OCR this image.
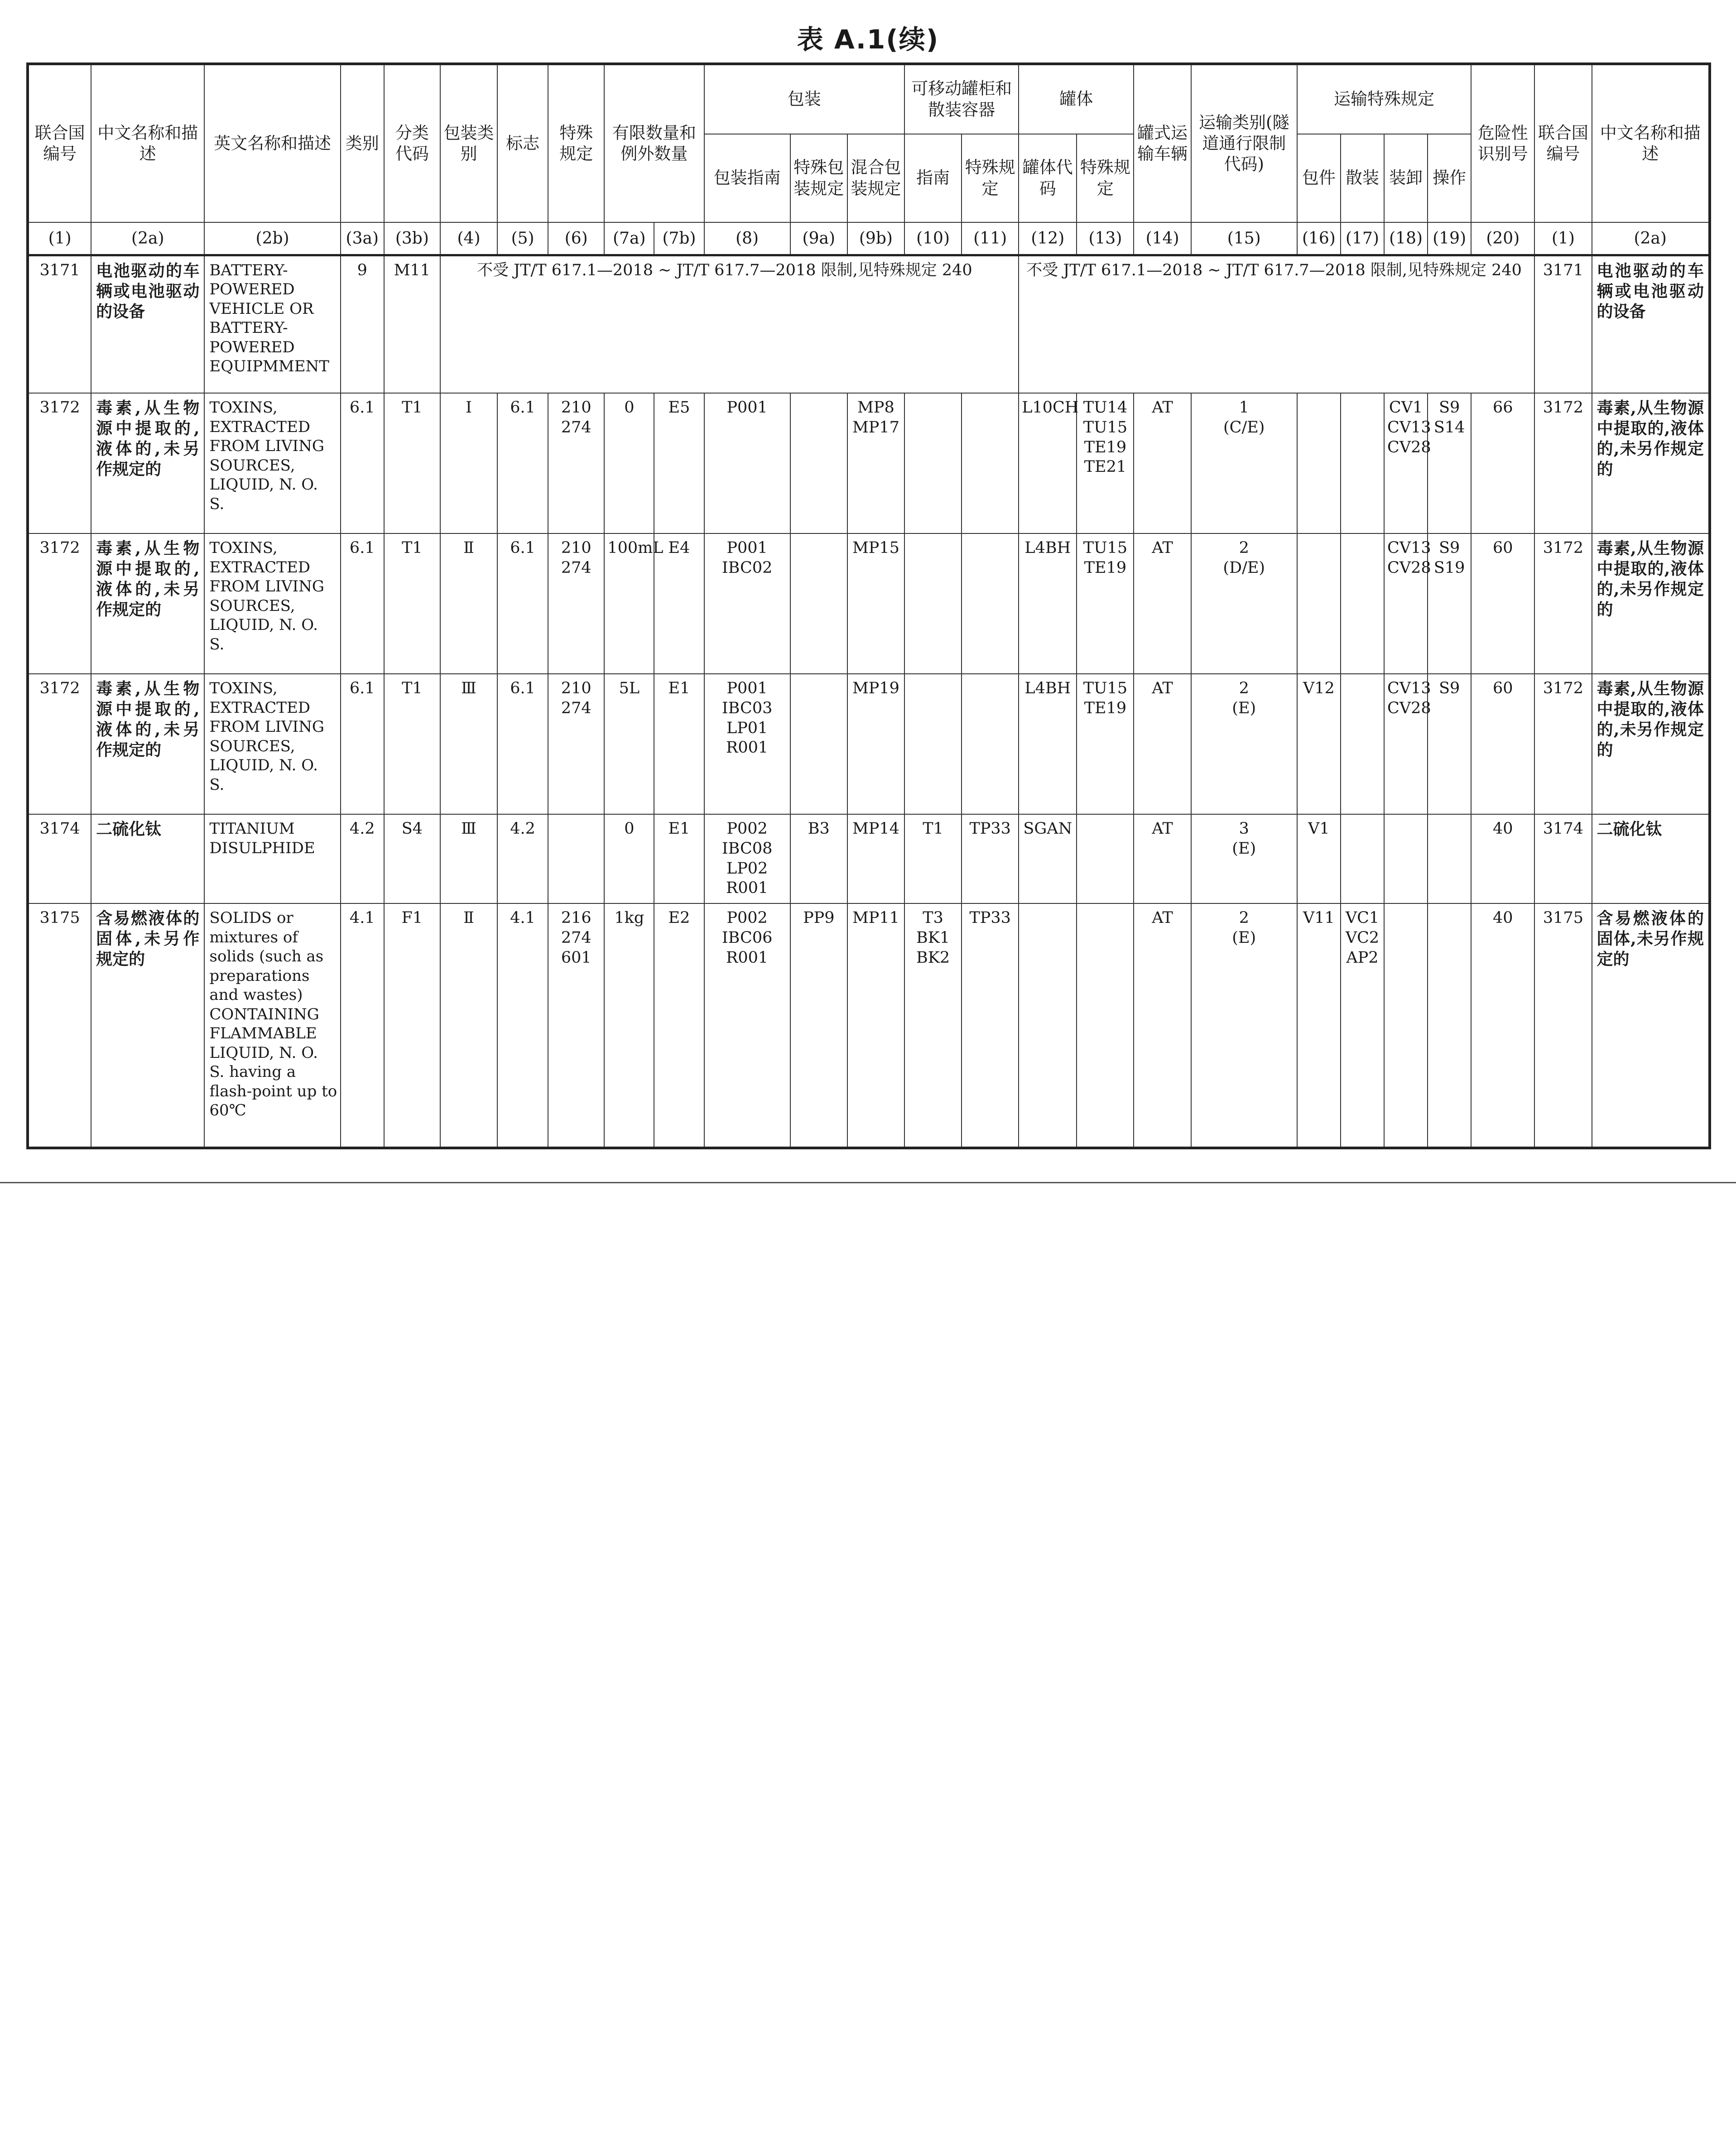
表 A.1(续)
联合国编号	中文名称和描述	英文名称和描述	类别	分类代码	包装类别	标志	特殊规定	有限数量和例外数量		包装			可移动罐柜和散装容器		罐体		罐式运输车辆	运输类别(隧道通行限制代码)	运输特殊规定				危险性识别号	联合国编号	中文名称和描述
										包装指南	特殊包装规定	混合包装规定	指南	特殊规定	罐体代码	特殊规定			包件	散装	装卸	操作			
(1)	(2a)	(2b)	(3a)	(3b)	(4)	(5)	(6)	(7a)	(7b)	(8)	(9a)	(9b)	(10)	(11)	(12)	(13)	(14)	(15)	(16)	(17)	(18)	(19)	(20)	(1)	(2a)
3171	电池驱动的车辆或电池驱动的设备	BATTERY-POWERED VEHICLE OR BATTERY-POWERED EQUIPMMENT	9	M11	不受 JT/T 617.1—2018 ~ JT/T 617.7—2018 限制,见特殊规定 240										不受 JT/T 617.1—2018 ~ JT/T 617.7—2018 限制,见特殊规定 240									3171	电池驱动的车辆或电池驱动的设备
3172	毒素,从生物源中提取的,液体的,未另作规定的	TOXINS, EXTRACTED FROM LIVING SOURCES, LIQUID, N. O. S.	6.1	T1	Ⅰ	6.1	210
274	0	E5	P001		MP8
MP17			L10CH	TU14
TU15
TE19
TE21	AT	1
(C/E)			CV1
CV13
CV28	S9
S14	66	3172	毒素,从生物源中提取的,液体的,未另作规定的
3172	毒素,从生物源中提取的,液体的,未另作规定的	TOXINS, EXTRACTED FROM LIVING SOURCES, LIQUID, N. O. S.	6.1	T1	Ⅱ	6.1	210
274	100mL	E4	P001
IBC02		MP15			L4BH	TU15
TE19	AT	2
(D/E)			CV13
CV28	S9
S19	60	3172	毒素,从生物源中提取的,液体的,未另作规定的
3172	毒素,从生物源中提取的,液体的,未另作规定的	TOXINS, EXTRACTED FROM LIVING SOURCES, LIQUID, N. O. S.	6.1	T1	Ⅲ	6.1	210
274	5L	E1	P001
IBC03
LP01
R001		MP19			L4BH	TU15
TE19	AT	2
(E)	V12		CV13
CV28	S9	60	3172	毒素,从生物源中提取的,液体的,未另作规定的
3174	二硫化钛	TITANIUM DISULPHIDE	4.2	S4	Ⅲ	4.2		0	E1	P002
IBC08
LP02
R001	B3	MP14	T1	TP33	SGAN		AT	3
(E)	V1				40	3174	二硫化钛
3175	含易燃液体的固体,未另作规定的	SOLIDS or mixtures of solids (such as preparations and wastes) CONTAINING FLAMMABLE LIQUID, N. O. S. having a flash-point up to 60℃	4.1	F1	Ⅱ	4.1	216
274
601	1kg	E2	P002
IBC06
R001	PP9	MP11	T3
BK1
BK2	TP33			AT	2
(E)	V11	VC1
VC2
AP2			40	3175	含易燃液体的固体,未另作规定的
